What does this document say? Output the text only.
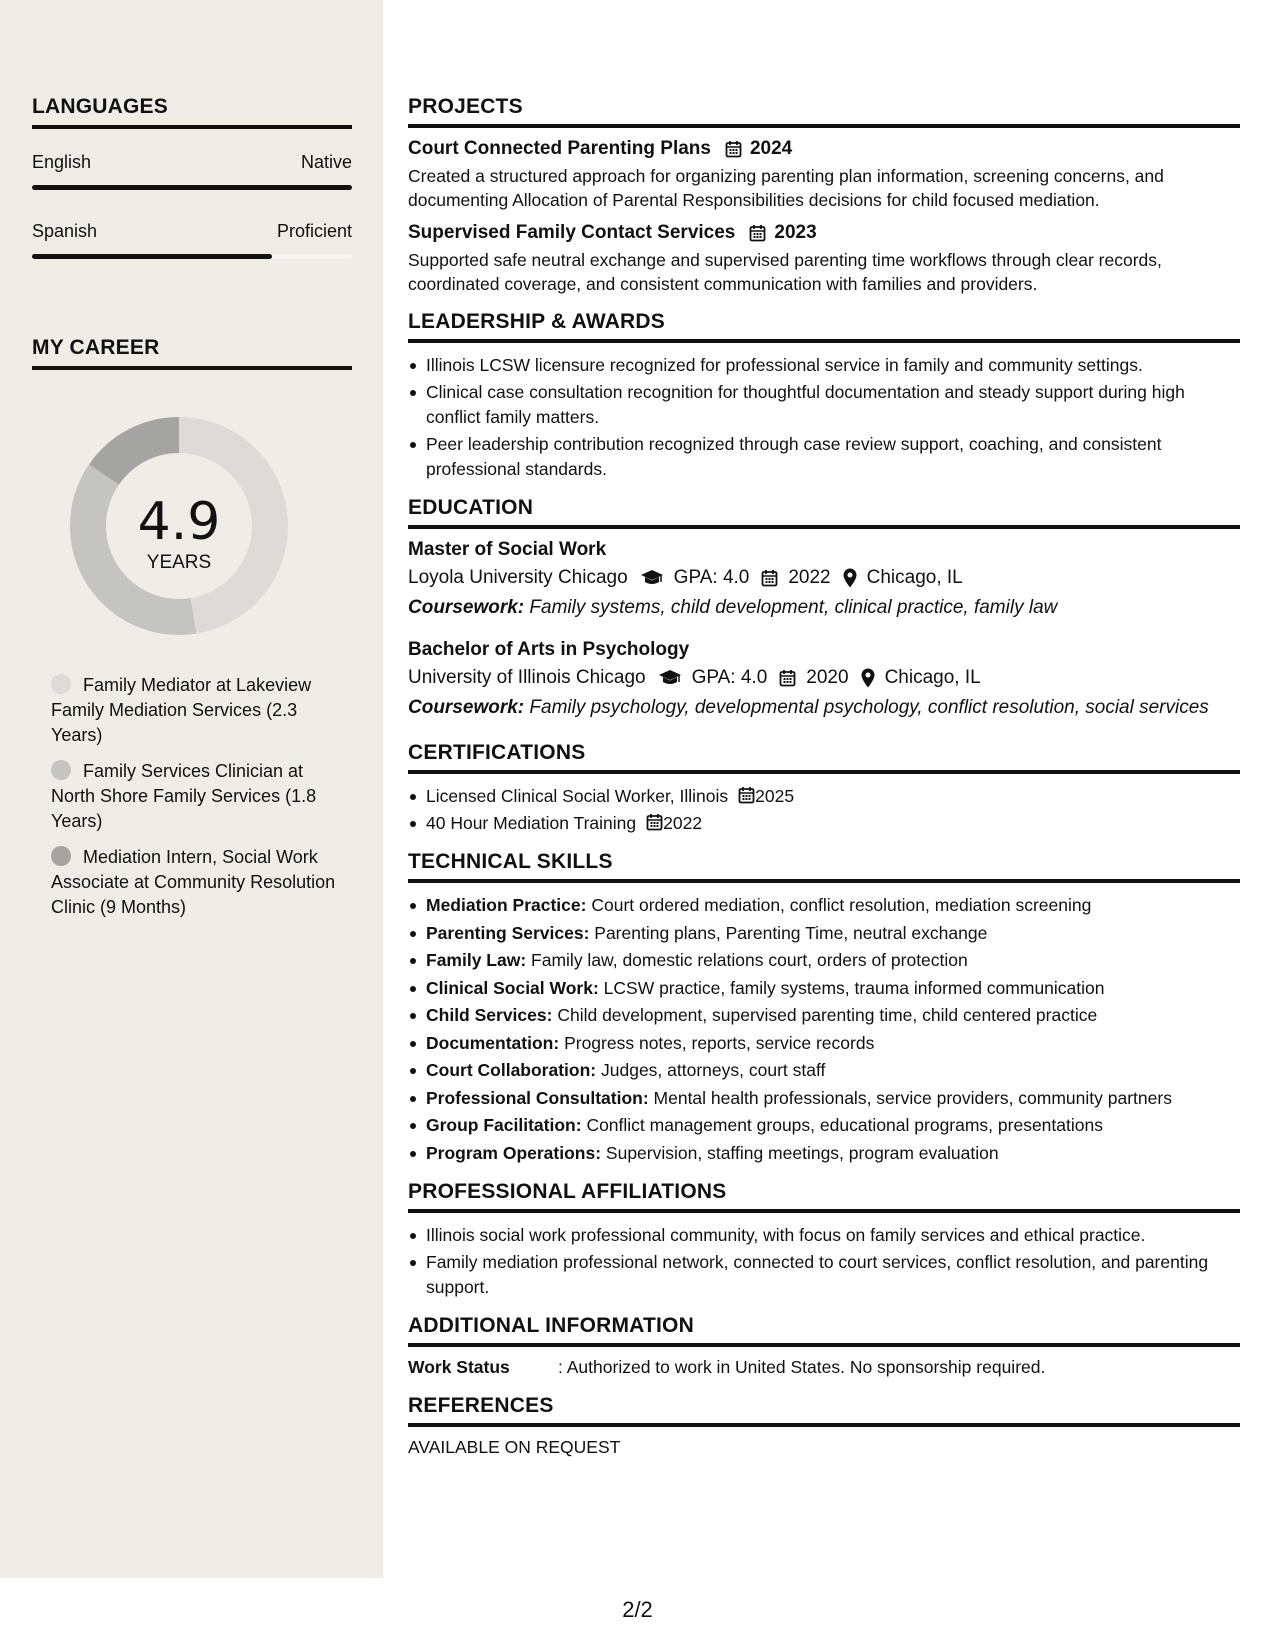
LANGUAGES
English	Native
Spanish	Proficient
MY CAREER
4.9
YEARS
Family Mediator at Lakeview Family Mediation Services (2.3 Years)
Family Services Clinician at North Shore Family Services (1.8 Years)
Mediation Intern, Social Work Associate at Community Resolution Clinic (9 Months)
PROJECTS
Court Connected Parenting Plans 2024
Created a structured approach for organizing parenting plan information, screening concerns, and documenting Allocation of Parental Responsibilities decisions for child focused mediation.
Supervised Family Contact Services 2023
Supported safe neutral exchange and supervised parenting time workflows through clear records, coordinated coverage, and consistent communication with families and providers.
LEADERSHIP & AWARDS
Illinois LCSW licensure recognized for professional service in family and community settings.
Clinical case consultation recognition for thoughtful documentation and steady support during high conflict family matters.
Peer leadership contribution recognized through case review support, coaching, and consistent professional standards.
EDUCATION
Master of Social Work
Loyola University Chicago GPA: 4.0 2022 Chicago, IL
Coursework: Family systems, child development, clinical practice, family law
Bachelor of Arts in Psychology
University of Illinois Chicago GPA: 4.0 2020 Chicago, IL
Coursework: Family psychology, developmental psychology, conflict resolution, social services
CERTIFICATIONS
Licensed Clinical Social Worker, Illinois 2025
40 Hour Mediation Training 2022
TECHNICAL SKILLS
Mediation Practice: Court ordered mediation, conflict resolution, mediation screening
Parenting Services: Parenting plans, Parenting Time, neutral exchange
Family Law: Family law, domestic relations court, orders of protection
Clinical Social Work: LCSW practice, family systems, trauma informed communication
Child Services: Child development, supervised parenting time, child centered practice
Documentation: Progress notes, reports, service records
Court Collaboration: Judges, attorneys, court staff
Professional Consultation: Mental health professionals, service providers, community partners
Group Facilitation: Conflict management groups, educational programs, presentations
Program Operations: Supervision, staffing meetings, program evaluation
PROFESSIONAL AFFILIATIONS
Illinois social work professional community, with focus on family services and ethical practice.
Family mediation professional network, connected to court services, conflict resolution, and parenting support.
ADDITIONAL INFORMATION
Work Status	: Authorized to work in United States. No sponsorship required.
REFERENCES
AVAILABLE ON REQUEST
2/2
